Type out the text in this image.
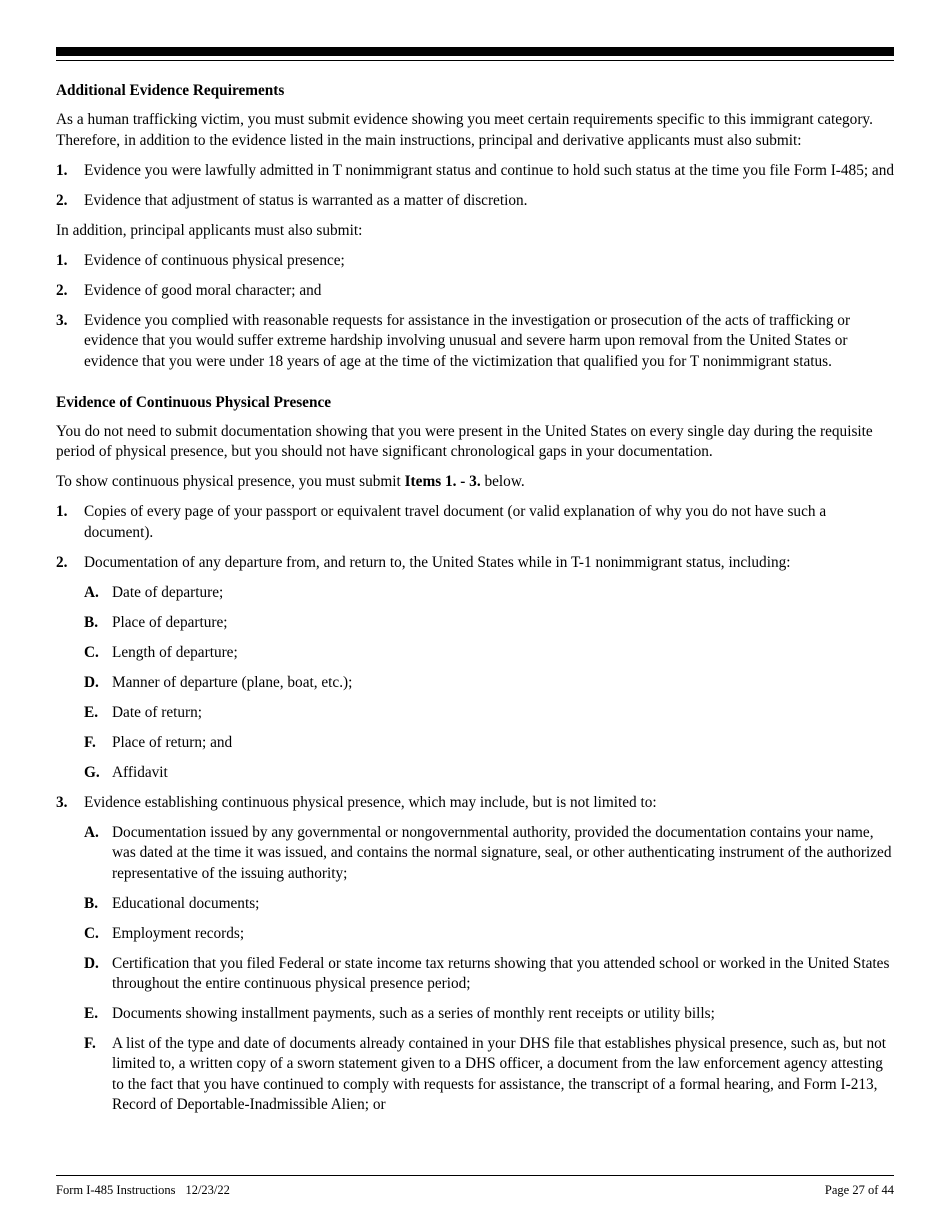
Additional Evidence Requirements
As a human trafficking victim, you must submit evidence showing you meet certain requirements specific to this immigrant category. Therefore, in addition to the evidence listed in the main instructions, principal and derivative applicants must also submit:
1. Evidence you were lawfully admitted in T nonimmigrant status and continue to hold such status at the time you file Form I-485; and
2. Evidence that adjustment of status is warranted as a matter of discretion.
In addition, principal applicants must also submit:
1. Evidence of continuous physical presence;
2. Evidence of good moral character; and
3. Evidence you complied with reasonable requests for assistance in the investigation or prosecution of the acts of trafficking or evidence that you would suffer extreme hardship involving unusual and severe harm upon removal from the United States or evidence that you were under 18 years of age at the time of the victimization that qualified you for T nonimmigrant status.
Evidence of Continuous Physical Presence
You do not need to submit documentation showing that you were present in the United States on every single day during the requisite period of physical presence, but you should not have significant chronological gaps in your documentation.
To show continuous physical presence, you must submit Items 1. - 3. below.
1. Copies of every page of your passport or equivalent travel document (or valid explanation of why you do not have such a document).
2. Documentation of any departure from, and return to, the United States while in T-1 nonimmigrant status, including:
A. Date of departure;
B. Place of departure;
C. Length of departure;
D. Manner of departure (plane, boat, etc.);
E. Date of return;
F. Place of return; and
G. Affidavit
3. Evidence establishing continuous physical presence, which may include, but is not limited to:
A. Documentation issued by any governmental or nongovernmental authority, provided the documentation contains your name, was dated at the time it was issued, and contains the normal signature, seal, or other authenticating instrument of the authorized representative of the issuing authority;
B. Educational documents;
C. Employment records;
D. Certification that you filed Federal or state income tax returns showing that you attended school or worked in the United States throughout the entire continuous physical presence period;
E. Documents showing installment payments, such as a series of monthly rent receipts or utility bills;
F. A list of the type and date of documents already contained in your DHS file that establishes physical presence, such as, but not limited to, a written copy of a sworn statement given to a DHS officer, a document from the law enforcement agency attesting to the fact that you have continued to comply with requests for assistance, the transcript of a formal hearing, and Form I-213, Record of Deportable-Inadmissible Alien; or
Form I-485 Instructions 12/23/22	Page 27 of 44
